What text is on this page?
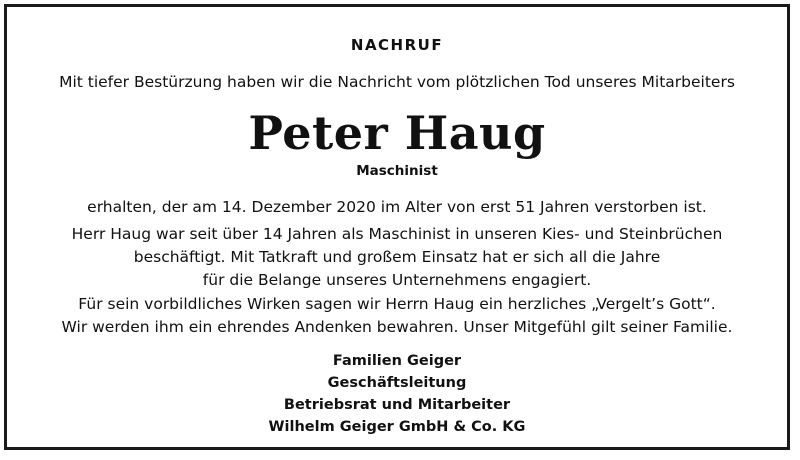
NACHRUF
Mit tiefer Bestürzung haben wir die Nachricht vom plötzlichen Tod unseres Mitarbeiters
Peter Haug
Maschinist
erhalten, der am 14. Dezember 2020 im Alter von erst 51 Jahren verstorben ist.
Herr Haug war seit über 14 Jahren als Maschinist in unseren Kies- und Steinbrüchen
beschäftigt. Mit Tatkraft und großem Einsatz hat er sich all die Jahre
für die Belange unseres Unternehmens engagiert.
Für sein vorbildliches Wirken sagen wir Herrn Haug ein herzliches „Vergelt’s Gott“.
Wir werden ihm ein ehrendes Andenken bewahren. Unser Mitgefühl gilt seiner Familie.
Familien Geiger
Geschäftsleitung
Betriebsrat und Mitarbeiter
Wilhelm Geiger GmbH & Co. KG
